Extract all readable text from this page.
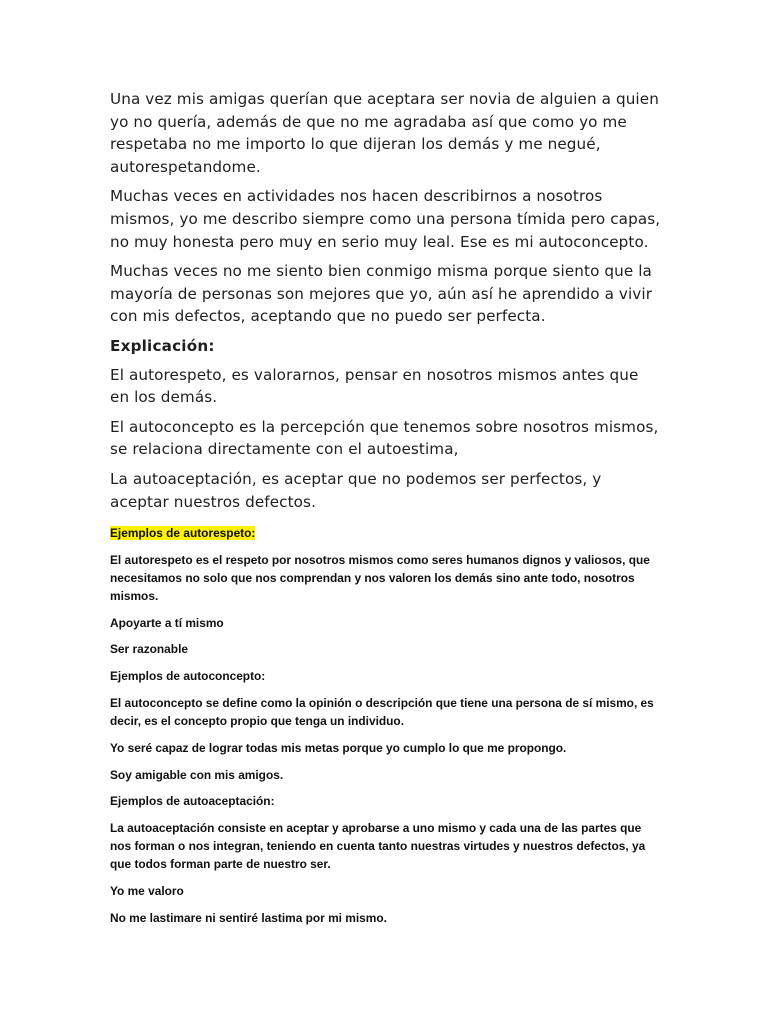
Una vez mis amigas querían que aceptara ser novia de alguien a quien yo no quería, además de que no me agradaba así que como yo me respetaba no me importo lo que dijeran los demás y me negué, autorespetandome.

Muchas veces en actividades nos hacen describirnos a nosotros mismos, yo me describo siempre como una persona tímida pero capas, no muy honesta pero muy en serio muy leal. Ese es mi autoconcepto.

Muchas veces no me siento bien conmigo misma porque siento que la mayoría de personas son mejores que yo, aún así he aprendido a vivir con mis defectos, aceptando que no puedo ser perfecta.

Explicación:

El autorespeto, es valorarnos, pensar en nosotros mismos antes que en los demás.

El autoconcepto es la percepción que tenemos sobre nosotros mismos, se relaciona directamente con el autoestima,

La autoaceptación, es aceptar que no podemos ser perfectos, y aceptar nuestros defectos.

Ejemplos de autorespeto:

El autorespeto es el respeto por nosotros mismos como seres humanos dignos y valiosos, que necesitamos no solo que nos comprendan y nos valoren los demás sino ante todo, nosotros mismos.

Apoyarte a tí mismo

Ser razonable

Ejemplos de autoconcepto:

El autoconcepto se define como la opinión o descripción que tiene una persona de sí mismo, es decir, es el concepto propio que tenga un individuo.

Yo seré capaz de lograr todas mis metas porque yo cumplo lo que me propongo.

Soy amigable con mis amigos.

Ejemplos de autoaceptación:

La autoaceptación consiste en aceptar y aprobarse a uno mismo y cada una de las partes que nos forman o nos integran, teniendo en cuenta tanto nuestras virtudes y nuestros defectos, ya que todos forman parte de nuestro ser.

Yo me valoro

No me lastimare ni sentiré lastima por mi mismo.
